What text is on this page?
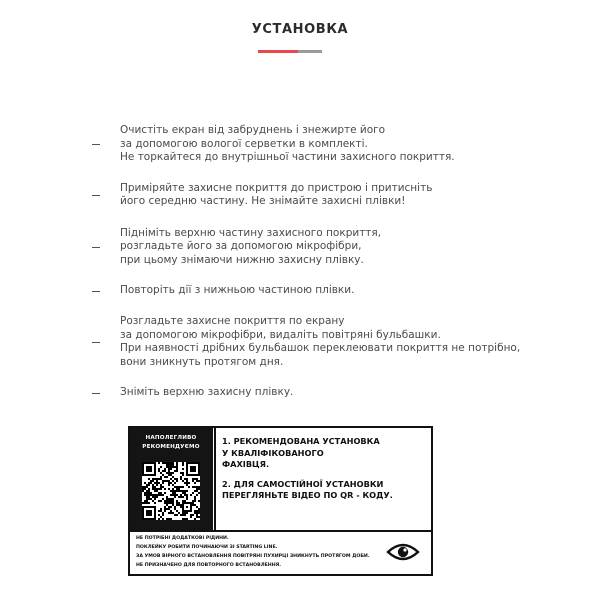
УСТАНОВКА
Очистіть екран від забруднень і знежирте його
за допомогою вологої серветки в комплекті.
Не торкайтеся до внутрішньої частини захисного покриття.
Приміряйте захисне покриття до пристрою і притисніть
його середню частину. Не знімайте захисні плівки!
Підніміть верхню частину захисного покриття,
розгладьте його за допомогою мікрофібри,
при цьому знімаючи нижню захисну плівку.
Повторіть дії з нижньою частиною плівки.
Розгладьте захисне покриття по екрану
за допомогою мікрофібри, видаліть повітряні бульбашки.
При наявності дрібних бульбашок переклеювати покриття не потрібно,
вони зникнуть протягом дня.
Зніміть верхню захисну плівку.
НАПОЛЕГЛИВО
РЕКОМЕНДУЄМО
1. РЕКОМЕНДОВАНА УСТАНОВКА
У КВАЛІФІКОВАНОГО
ФАХІВЦЯ.
2. ДЛЯ САМОСТІЙНОЇ УСТАНОВКИ
ПЕРЕГЛЯНЬТЕ ВІДЕО ПО QR - КОДУ.
НЕ ПОТРІБНІ ДОДАТКОВІ РІДИНИ.
ПОКЛЕЙКУ РОБИТИ ПОЧИНАЮЧИ ЗІ STARTING LINE.
ЗА УМОВ ВІРНОГО ВСТАНОВЛЕННЯ ПОВІТРЯНІ ПУХИРЦІ ЗНИКНУТЬ ПРОТЯГОМ ДОБИ.
НЕ ПРИЗНАЧЕНО ДЛЯ ПОВТОРНОГО ВСТАНОВЛЕННЯ.
